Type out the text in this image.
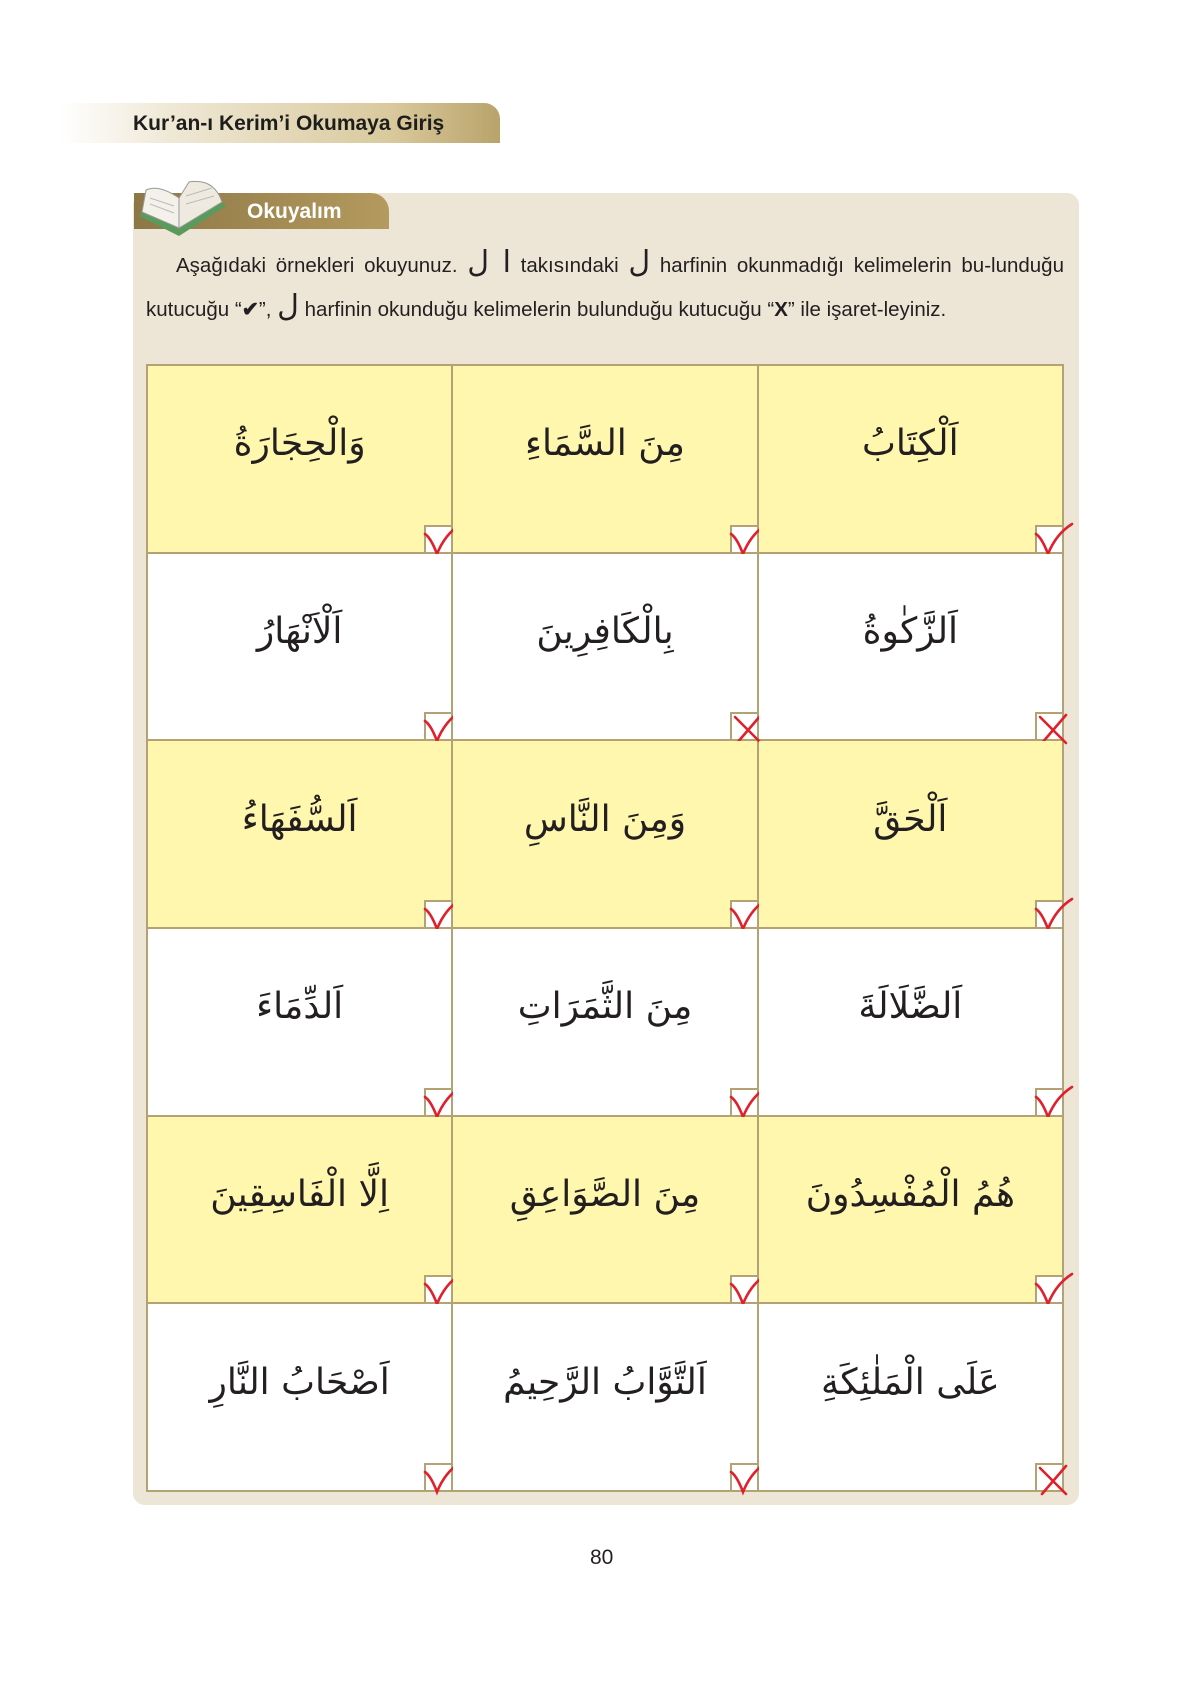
Kur’an-ı Kerim’i Okumaya Giriş
Okuyalım
Aşağıdaki örnekleri okuyunuz. ا ل takısındaki ل harfinin okunmadığı kelimelerin bu-lunduğu kutucuğu “✔”, ل harfinin okunduğu kelimelerin bulunduğu kutucuğu “X” ile işaret-leyiniz.
وَالْحِجَارَةُ	مِنَ السَّمَاءِ	اَلْكِتَابُ

اَلْاَنْهَارُ	بِالْكَافِرِينَ	اَلزَّكٰوةُ

اَلسُّفَهَاءُ	وَمِنَ النَّاسِ	اَلْحَقَّ

اَلدِّمَاءَ	مِنَ الثَّمَرَاتِ	اَلضَّلَالَةَ

اِلَّا الْفَاسِقِينَ	مِنَ الصَّوَاعِقِ	هُمُ الْمُفْسِدُونَ

اَصْحَابُ النَّارِ	اَلتَّوَّابُ الرَّحِيمُ	عَلَى الْمَلٰئِكَةِ
80
